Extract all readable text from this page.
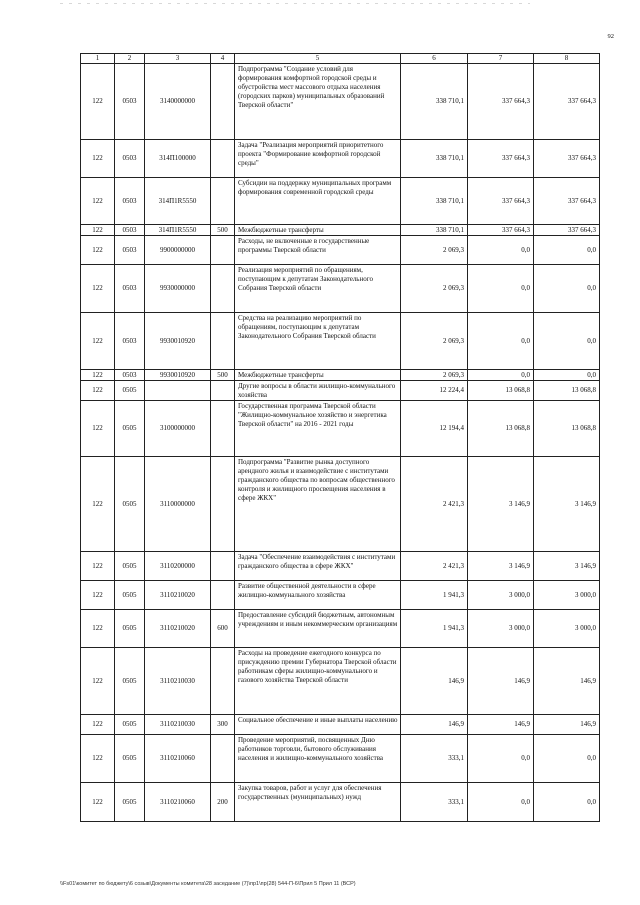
92
1	2	3	4	5	6	7	8
122	0503	3140000000		Подпрограмма "Создание условий для формирования комфортной городской среды и обустройства мест массового отдыха населения (городских парков) муниципальных образований Тверской области"	338 710,1	337 664,3	337 664,3
122	0503	314П100000		Задача "Реализация мероприятий приоритетного проекта "Формирование комфортной городской среды"	338 710,1	337 664,3	337 664,3
122	0503	314П1R5550		Субсидии на поддержку муниципальных программ формирования современной городской среды	338 710,1	337 664,3	337 664,3
122	0503	314П1R5550	500	Межбюджетные трансферты	338 710,1	337 664,3	337 664,3
122	0503	9900000000		Расходы, не включенные в государственные программы Тверской области	2 069,3	0,0	0,0
122	0503	9930000000		Реализация мероприятий по обращениям, поступающим к депутатам Законодательного Собрания Тверской области	2 069,3	0,0	0,0
122	0503	9930010920		Средства на реализацию мероприятий по обращениям, поступающим к депутатам Законодательного Собрания Тверской области	2 069,3	0,0	0,0
122	0503	9930010920	500	Межбюджетные трансферты	2 069,3	0,0	0,0
122	0505			Другие вопросы в области жилищно-коммунального хозяйства	12 224,4	13 068,8	13 068,8
122	0505	3100000000		Государственная программа Тверской области "Жилищно-коммунальное хозяйство и энергетика Тверской области" на 2016 - 2021 годы	12 194,4	13 068,8	13 068,8
122	0505	3110000000		Подпрограмма "Развитие рынка доступного арендного жилья и взаимодействие с институтами гражданского общества по вопросам общественного контроля и жилищного просвещения населения в сфере ЖКХ"	2 421,3	3 146,9	3 146,9
122	0505	3110200000		Задача "Обеспечение взаимодействия с институтами гражданского общества в сфере ЖКХ"	2 421,3	3 146,9	3 146,9
122	0505	3110210020		Развитие общественной деятельности в сфере жилищно-коммунального хозяйства	1 941,3	3 000,0	3 000,0
122	0505	3110210020	600	Предоставление субсидий бюджетным, автономным учреждениям и иным некоммерческим организациям	1 941,3	3 000,0	3 000,0
122	0505	3110210030		Расходы на проведение ежегодного конкурса по присуждению премии Губернатора Тверской области работникам сферы жилищно-коммунального и газового хозяйства Тверской области	146,9	146,9	146,9
122	0505	3110210030	300	Социальное обеспечение и иные выплаты населению	146,9	146,9	146,9
122	0505	3110210060		Проведение мероприятий, посвященных Дню работников торговли, бытового обслуживания населения и жилищно-коммунального хозяйства	333,1	0,0	0,0
122	0505	3110210060	200	Закупка товаров, работ и услуг для обеспечения государственных (муниципальных) нужд	333,1	0,0	0,0
\\Fs01\комитет по бюджету\6 созыв\Документы комитета\28 заседание (7)\пр1\пр(28) 544-П-6\Прил 5 Прил 11 (ВСР)
